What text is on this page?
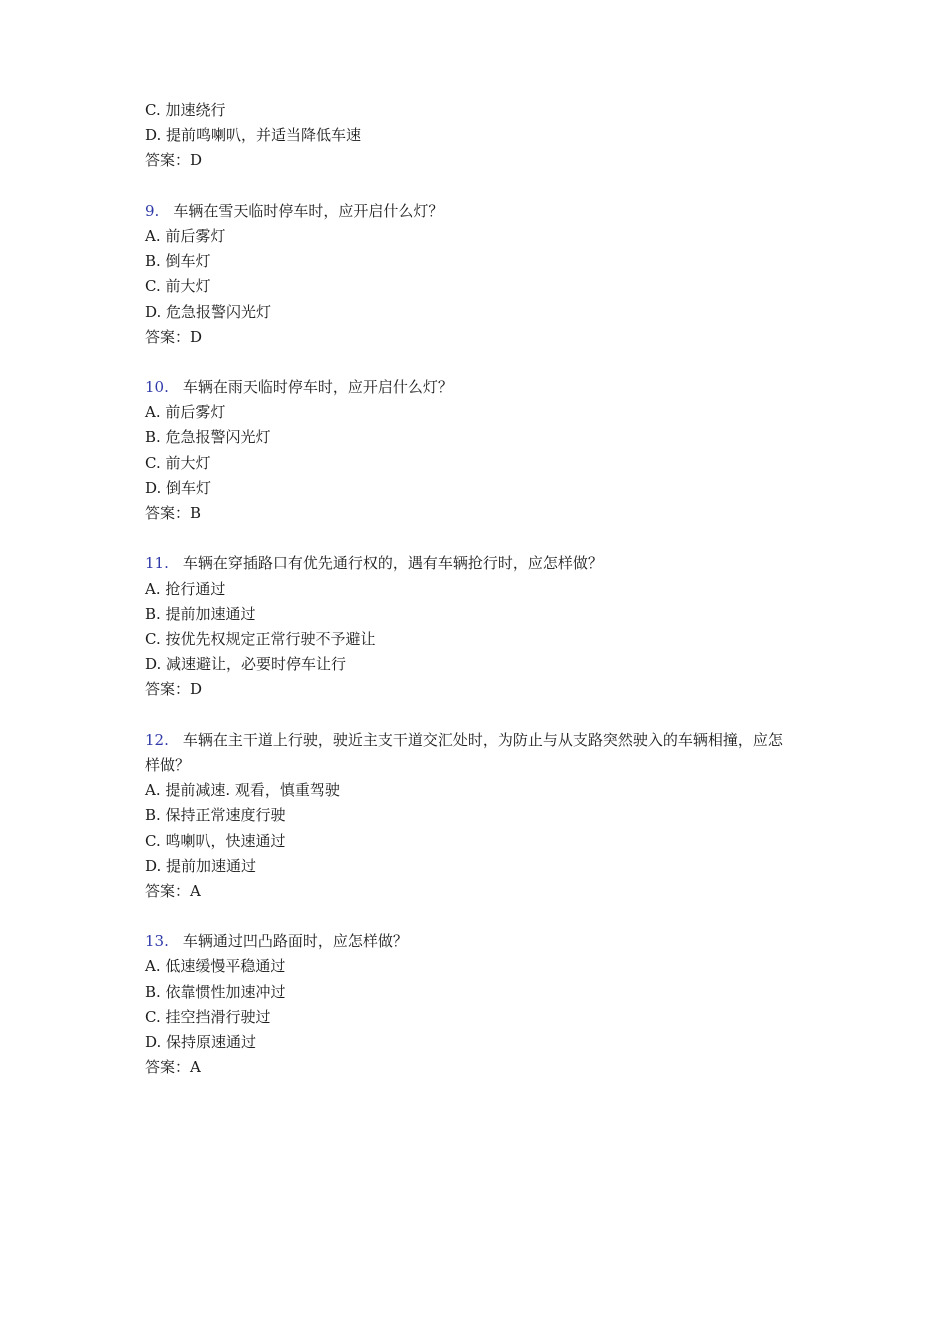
C. 加速绕行
D. 提前鸣喇叭，并适当降低车速
答案：D
9. 车辆在雪天临时停车时，应开启什么灯？
A. 前后雾灯
B. 倒车灯
C. 前大灯
D. 危急报警闪光灯
答案：D
10. 车辆在雨天临时停车时，应开启什么灯？
A. 前后雾灯
B. 危急报警闪光灯
C. 前大灯
D. 倒车灯
答案：B
11. 车辆在穿插路口有优先通行权的，遇有车辆抢行时，应怎样做？
A. 抢行通过
B. 提前加速通过
C. 按优先权规定正常行驶不予避让
D. 减速避让，必要时停车让行
答案：D
12. 车辆在主干道上行驶，驶近主支干道交汇处时，为防止与从支路突然驶入的车辆相撞，应怎样做？
A. 提前减速. 观看，慎重驾驶
B. 保持正常速度行驶
C. 鸣喇叭，快速通过
D. 提前加速通过
答案：A
13. 车辆通过凹凸路面时，应怎样做？
A. 低速缓慢平稳通过
B. 依靠惯性加速冲过
C. 挂空挡滑行驶过
D. 保持原速通过
答案：A
